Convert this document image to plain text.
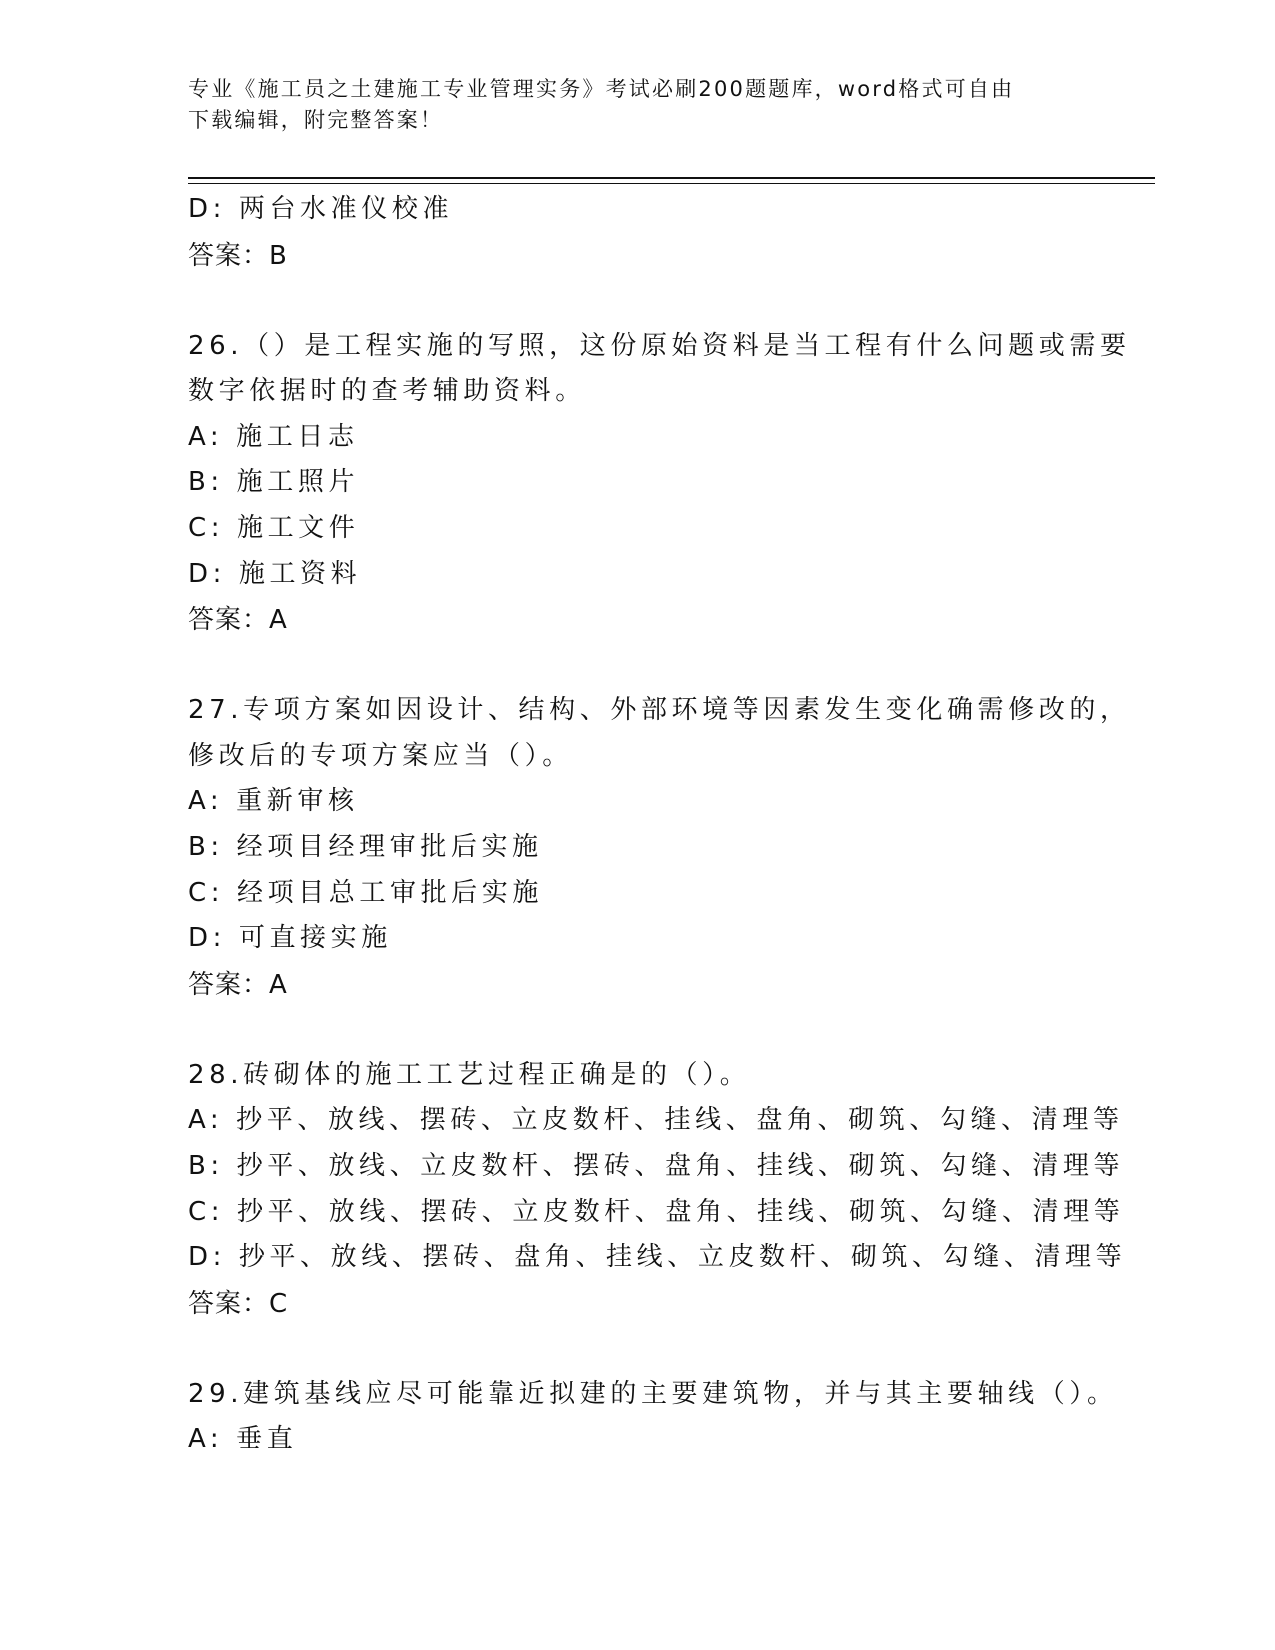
专业《施工员之土建施工专业管理实务》考试必刷200题题库，word格式可自由
下载编辑，附完整答案！
D: 两台水准仪校准
答案：B
26.（）是工程实施的写照，这份原始资料是当工程有什么问题或需要
数字依据时的查考辅助资料。
A: 施工日志
B: 施工照片
C: 施工文件
D: 施工资料
答案：A
27.专项方案如因设计、结构、外部环境等因素发生变化确需修改的，
修改后的专项方案应当（）。
A: 重新审核
B: 经项目经理审批后实施
C: 经项目总工审批后实施
D: 可直接实施
答案：A
28.砖砌体的施工工艺过程正确是的（）。
A: 抄平、放线、摆砖、立皮数杆、挂线、盘角、砌筑、勾缝、清理等
B: 抄平、放线、立皮数杆、摆砖、盘角、挂线、砌筑、勾缝、清理等
C: 抄平、放线、摆砖、立皮数杆、盘角、挂线、砌筑、勾缝、清理等
D: 抄平、放线、摆砖、盘角、挂线、立皮数杆、砌筑、勾缝、清理等
答案：C
29.建筑基线应尽可能靠近拟建的主要建筑物，并与其主要轴线（）。
A: 垂直
